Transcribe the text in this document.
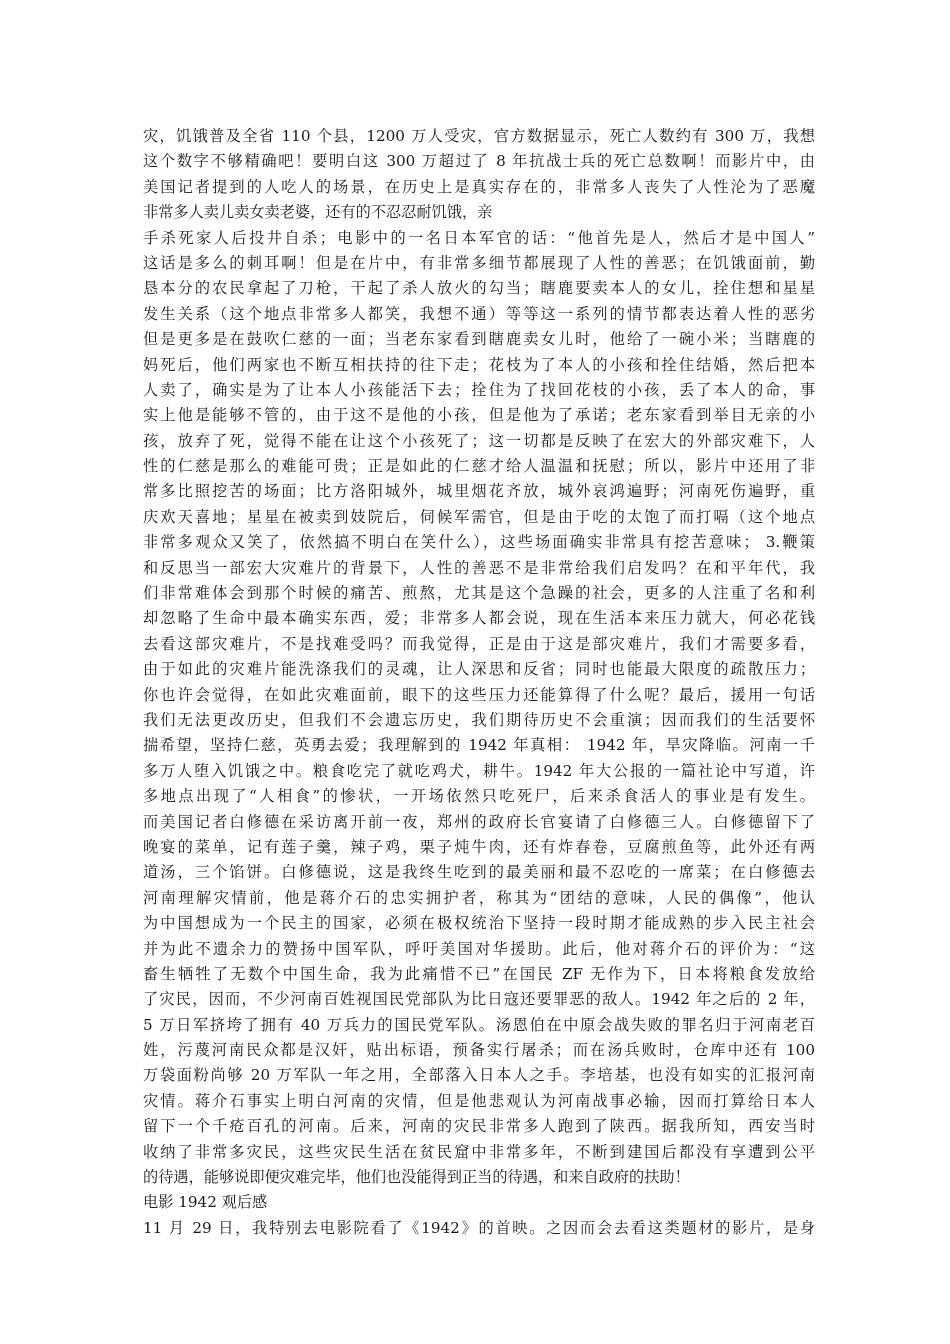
灾，饥饿普及全省 110 个县，1200 万人受灾，官方数据显示，死亡人数约有 300 万，我想
这个数字不够精确吧！要明白这 300 万超过了 8 年抗战士兵的死亡总数啊！而影片中，由
美国记者提到的人吃人的场景，在历史上是真实存在的，非常多人丧失了人性沦为了恶魔
非常多人卖儿卖女卖老婆，还有的不忍忍耐饥饿，亲
手杀死家人后投井自杀；电影中的一名日本军官的话：“他首先是人，然后才是中国人”
这话是多么的刺耳啊！但是在片中，有非常多细节都展现了人性的善恶；在饥饿面前，勤
恳本分的农民拿起了刀枪，干起了杀人放火的勾当；瞎鹿要卖本人的女儿，拴住想和星星
发生关系（这个地点非常多人都笑，我想不通）等等这一系列的情节都表达着人性的恶劣
但是更多是在鼓吹仁慈的一面；当老东家看到瞎鹿卖女儿时，他给了一碗小米；当瞎鹿的
妈死后，他们两家也不断互相扶持的往下走；花枝为了本人的小孩和拴住结婚，然后把本
人卖了，确实是为了让本人小孩能活下去；拴住为了找回花枝的小孩，丢了本人的命，事
实上他是能够不管的，由于这不是他的小孩，但是他为了承诺；老东家看到举目无亲的小
孩，放弃了死，觉得不能在让这个小孩死了；这一切都是反映了在宏大的外部灾难下，人
性的仁慈是那么的难能可贵；正是如此的仁慈才给人温温和抚慰；所以，影片中还用了非
常多比照挖苦的场面；比方洛阳城外，城里烟花齐放，城外哀鸿遍野；河南死伤遍野，重
庆欢天喜地；星星在被卖到妓院后，伺候军需官，但是由于吃的太饱了而打嗝（这个地点
非常多观众又笑了，依然搞不明白在笑什么），这些场面确实非常具有挖苦意味； 3.鞭策
和反思当一部宏大灾难片的背景下，人性的善恶不是非常给我们启发吗？在和平年代，我
们非常难体会到那个时候的痛苦、煎熬，尤其是这个急躁的社会，更多的人注重了名和利
却忽略了生命中最本确实东西，爱；非常多人都会说，现在生活本来压力就大，何必花钱
去看这部灾难片，不是找难受吗？而我觉得，正是由于这是部灾难片，我们才需要多看，
由于如此的灾难片能洗涤我们的灵魂，让人深思和反省；同时也能最大限度的疏散压力；
你也许会觉得，在如此灾难面前，眼下的这些压力还能算得了什么呢？最后，援用一句话
我们无法更改历史，但我们不会遗忘历史，我们期待历史不会重演；因而我们的生活要怀
揣希望，坚持仁慈，英勇去爱；我理解到的 1942 年真相： 1942 年，旱灾降临。河南一千
多万人堕入饥饿之中。粮食吃完了就吃鸡犬，耕牛。1942 年大公报的一篇社论中写道，许
多地点出现了“人相食”的惨状，一开场依然只吃死尸，后来杀食活人的事业是有发生。
而美国记者白修德在采访离开前一夜，郑州的政府长官宴请了白修德三人。白修德留下了
晚宴的菜单，记有莲子羹，辣子鸡，栗子炖牛肉，还有炸春卷，豆腐煎鱼等，此外还有两
道汤，三个馅饼。白修德说，这是我终生吃到的最美丽和最不忍吃的一席菜；在白修德去
河南理解灾情前，他是蒋介石的忠实拥护者，称其为“团结的意味，人民的偶像”，他认
为中国想成为一个民主的国家，必须在极权统治下坚持一段时期才能成熟的步入民主社会
并为此不遗余力的赞扬中国军队，呼吁美国对华援助。此后，他对蒋介石的评价为：“这
畜生牺牲了无数个中国生命，我为此痛惜不已”在国民 ZF 无作为下，日本将粮食发放给
了灾民，因而，不少河南百姓视国民党部队为比日寇还要罪恶的敌人。1942 年之后的 2 年，
5 万日军挤垮了拥有 40 万兵力的国民党军队。汤恩伯在中原会战失败的罪名归于河南老百
姓，污蔑河南民众都是汉奸，贴出标语，预备实行屠杀；而在汤兵败时，仓库中还有 100
万袋面粉尚够 20 万军队一年之用，全部落入日本人之手。李培基，也没有如实的汇报河南
灾情。蒋介石事实上明白河南的灾情，但是他悲观认为河南战事必输，因而打算给日本人
留下一个千疮百孔的河南。后来，河南的灾民非常多人跑到了陕西。据我所知，西安当时
收纳了非常多灾民，这些灾民生活在贫民窟中非常多年，不断到建国后都没有享遭到公平
的待遇，能够说即便灾难完毕，他们也没能得到正当的待遇，和来自政府的扶助！
电影 1942 观后感
11 月 29 日，我特别去电影院看了《1942》的首映。之因而会去看这类题材的影片，是身
